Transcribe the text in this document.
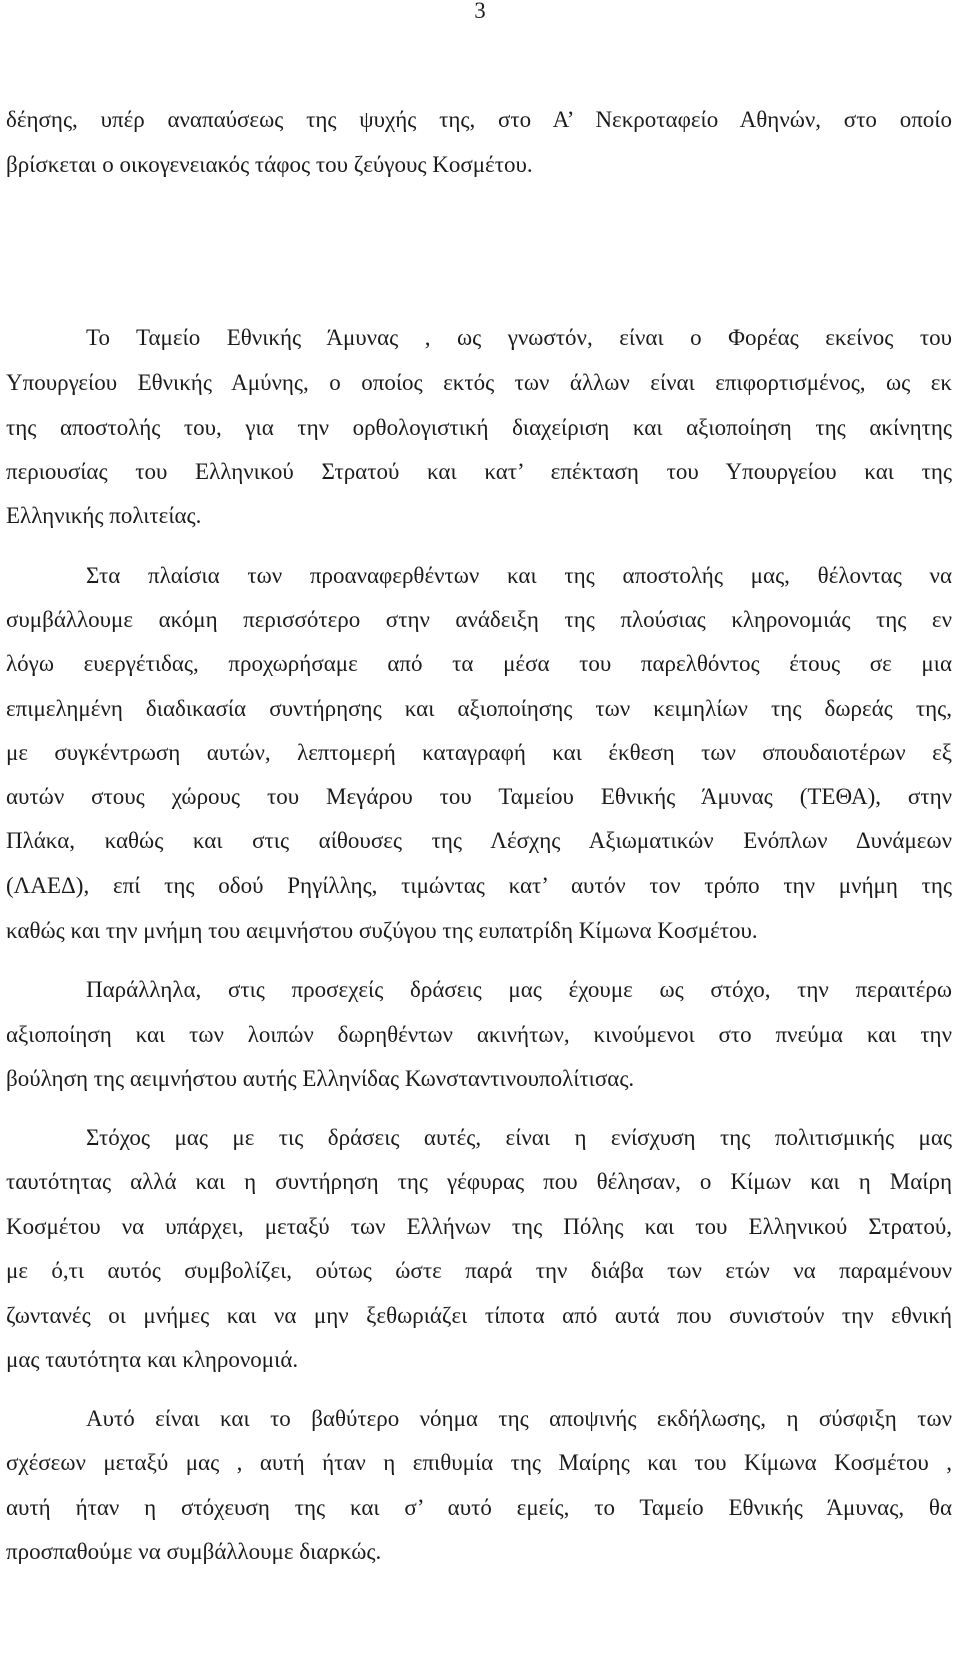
3
δέησης, υπέρ αναπαύσεως της ψυχής της, στο Α’ Νεκροταφείο Αθηνών, στο οποίο
βρίσκεται ο οικογενειακός τάφος του ζεύγους Κοσμέτου.
Το Ταμείο Εθνικής Άμυνας , ως γνωστόν, είναι ο Φορέας εκείνος του
Υπουργείου Εθνικής Αμύνης, ο οποίος εκτός των άλλων είναι επιφορτισμένος, ως εκ
της αποστολής του, για την ορθολογιστική διαχείριση και αξιοποίηση της ακίνητης
περιουσίας του Ελληνικού Στρατού και κατ’ επέκταση του Υπουργείου και της
Ελληνικής πολιτείας.
Στα πλαίσια των προαναφερθέντων και της αποστολής μας, θέλοντας να
συμβάλλουμε ακόμη περισσότερο στην ανάδειξη της πλούσιας κληρονομιάς της εν
λόγω ευεργέτιδας, προχωρήσαμε από τα μέσα του παρελθόντος έτους σε μια
επιμελημένη διαδικασία συντήρησης και αξιοποίησης των κειμηλίων της δωρεάς της,
με συγκέντρωση αυτών, λεπτομερή καταγραφή και έκθεση των σπουδαιοτέρων εξ
αυτών στους χώρους του Μεγάρου του Ταμείου Εθνικής Άμυνας (ΤΕΘΑ), στην
Πλάκα, καθώς και στις αίθουσες της Λέσχης Αξιωματικών Ενόπλων Δυνάμεων
(ΛΑΕΔ), επί της οδού Ρηγίλλης, τιμώντας κατ’ αυτόν τον τρόπο την μνήμη της
καθώς και την μνήμη του αειμνήστου συζύγου της ευπατρίδη Κίμωνα Κοσμέτου.
Παράλληλα, στις προσεχείς δράσεις μας έχουμε ως στόχο, την περαιτέρω
αξιοποίηση και των λοιπών δωρηθέντων ακινήτων, κινούμενοι στο πνεύμα και την
βούληση της αειμνήστου αυτής Ελληνίδας Κωνσταντινουπολίτισας.
Στόχος μας με τις δράσεις αυτές, είναι η ενίσχυση της πολιτισμικής μας
ταυτότητας αλλά και η συντήρηση της γέφυρας που θέλησαν, ο Κίμων και η Μαίρη
Κοσμέτου να υπάρχει, μεταξύ των Ελλήνων της Πόλης και του Ελληνικού Στρατού,
με ό,τι αυτός συμβολίζει, ούτως ώστε παρά την διάβα των ετών να παραμένουν
ζωντανές οι μνήμες και να μην ξεθωριάζει τίποτα από αυτά που συνιστούν την εθνική
μας ταυτότητα και κληρονομιά.
Αυτό είναι και το βαθύτερο νόημα της αποψινής εκδήλωσης, η σύσφιξη των
σχέσεων μεταξύ μας , αυτή ήταν η επιθυμία της Μαίρης και του Κίμωνα Κοσμέτου ,
αυτή ήταν η στόχευση της και σ’ αυτό εμείς, το Ταμείο Εθνικής Άμυνας, θα
προσπαθούμε να συμβάλλουμε διαρκώς.
